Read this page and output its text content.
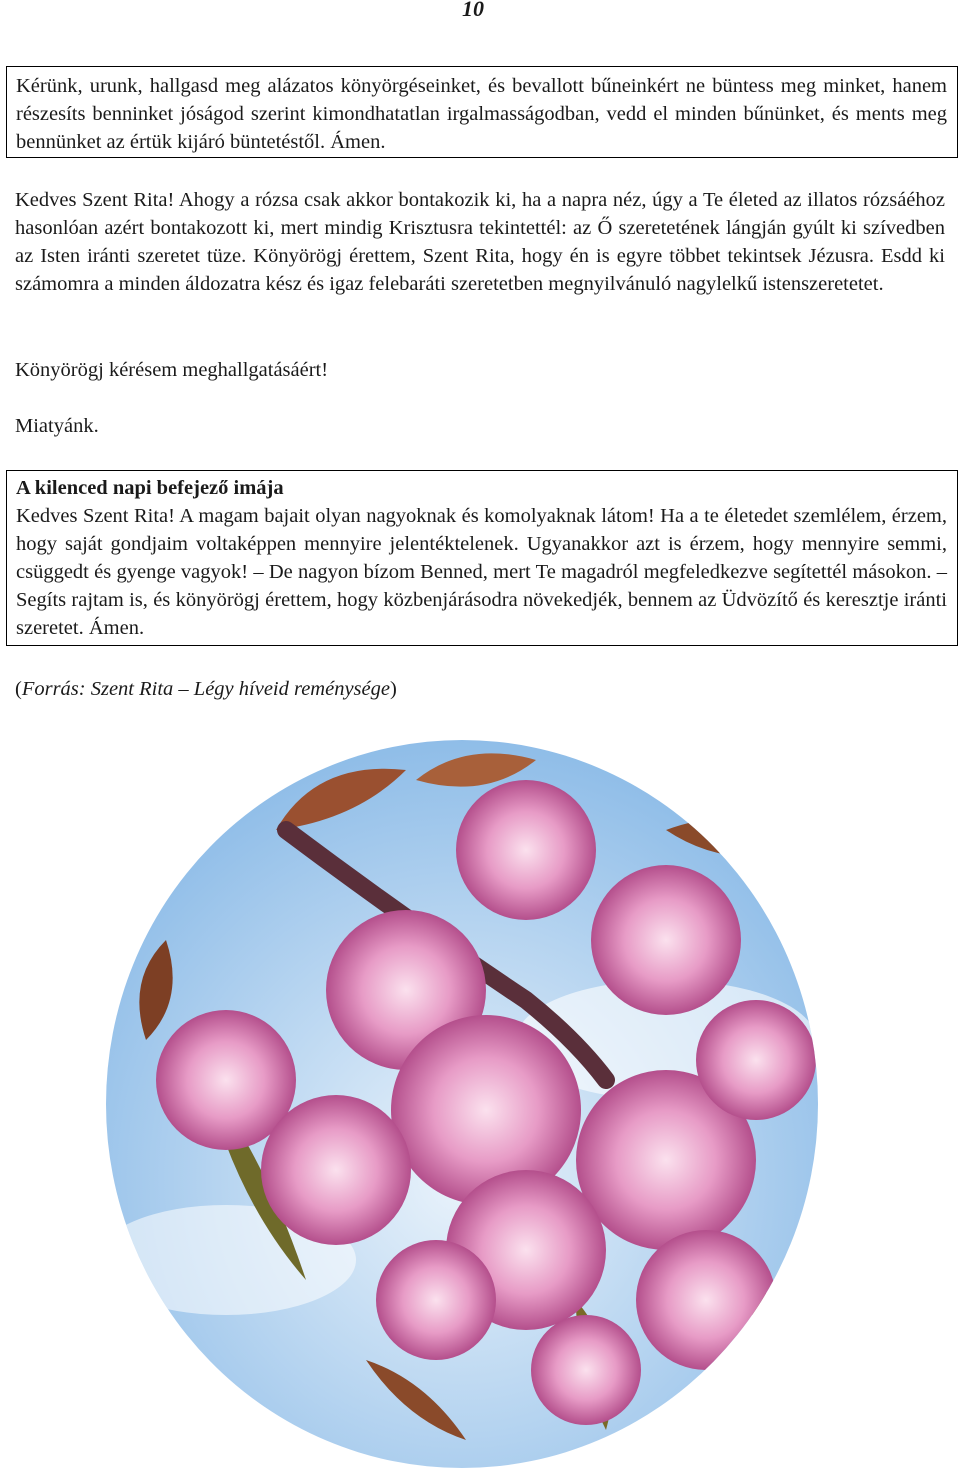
10
Kérünk, urunk, hallgasd meg alázatos könyörgéseinket, és bevallott bűneinkért ne büntess meg minket, hanem részesíts benninket jóságod szerint kimondhatatlan irgalmasságodban, vedd el minden bűnünket, és ments meg bennünket az értük kijáró büntetéstől. Ámen.
Kedves Szent Rita! Ahogy a rózsa csak akkor bontakozik ki, ha a napra néz, úgy a Te életed az illatos rózsáéhoz hasonlóan azért bontakozott ki, mert mindig Krisztusra tekintettél: az Ő szeretetének lángján gyúlt ki szívedben az Isten iránti szeretet tüze. Könyörögj érettem, Szent Rita, hogy én is egyre többet tekintsek Jézusra. Esdd ki számomra a minden áldozatra kész és igaz felebaráti szeretetben megnyilvánuló nagylelkű istenszeretetet.
Könyörögj kérésem meghallgatásáért!
Miatyánk.
A kilenced napi befejező imája
Kedves Szent Rita! A magam bajait olyan nagyoknak és komolyaknak látom! Ha a te életedet szemlélem, érzem, hogy saját gondjaim voltaképpen mennyire jelentéktelenek. Ugyanakkor azt is érzem, hogy mennyire semmi, csüggedt és gyenge vagyok! – De nagyon bízom Benned, mert Te magadról megfeledkezve segítettél másokon. – Segíts rajtam is, és könyörögj érettem, hogy közbenjárásodra növekedjék, bennem az Üdvözítő és keresztje iránti szeretet. Ámen.
(Forrás: Szent Rita – Légy híveid reménysége)
